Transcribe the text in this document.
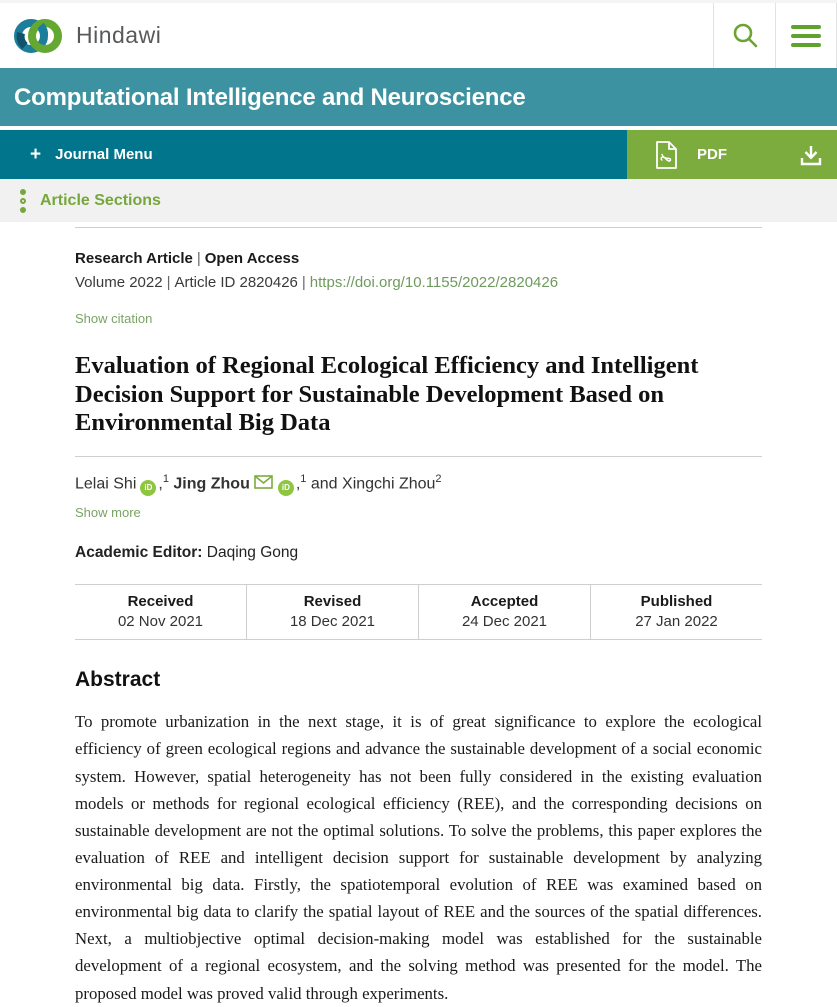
Hindawi
Computational Intelligence and Neuroscience
+ Journal Menu	PDF
Article Sections
Research Article | Open Access
Volume 2022 | Article ID 2820426 | https://doi.org/10.1155/2022/2820426
Show citation
Evaluation of Regional Ecological Efficiency and Intelligent Decision Support for Sustainable Development Based on Environmental Big Data
Lelai Shi iD ,$^1$ Jing Zhou	iD ,$^1$ and Xingchi Zhou$^2$
Show more
Academic Editor: Daqing Gong
Received
02 Nov 2021
Revised
18 Dec 2021
Accepted
24 Dec 2021
Published
27 Jan 2022
Abstract

To promote urbanization in the next stage, it is of great significance to explore the ecological efficiency of green ecological regions and advance the sustainable development of a social economic system. However, spatial heterogeneity has not been fully considered in the existing evaluation models or methods for regional ecological efficiency (REE), and the corresponding decisions on sustainable development are not the optimal solutions. To solve the problems, this paper explores the evaluation of REE and intelligent decision support for sustainable development by analyzing environmental big data. Firstly, the spatiotemporal evolution of REE was examined based on environmental big data to clarify the spatial layout of REE and the sources of the spatial differences. Next, a multiobjective optimal decision-making model was established for the sustainable development of a regional ecosystem, and the solving method was presented for the model. The proposed model was proved valid through experiments.
